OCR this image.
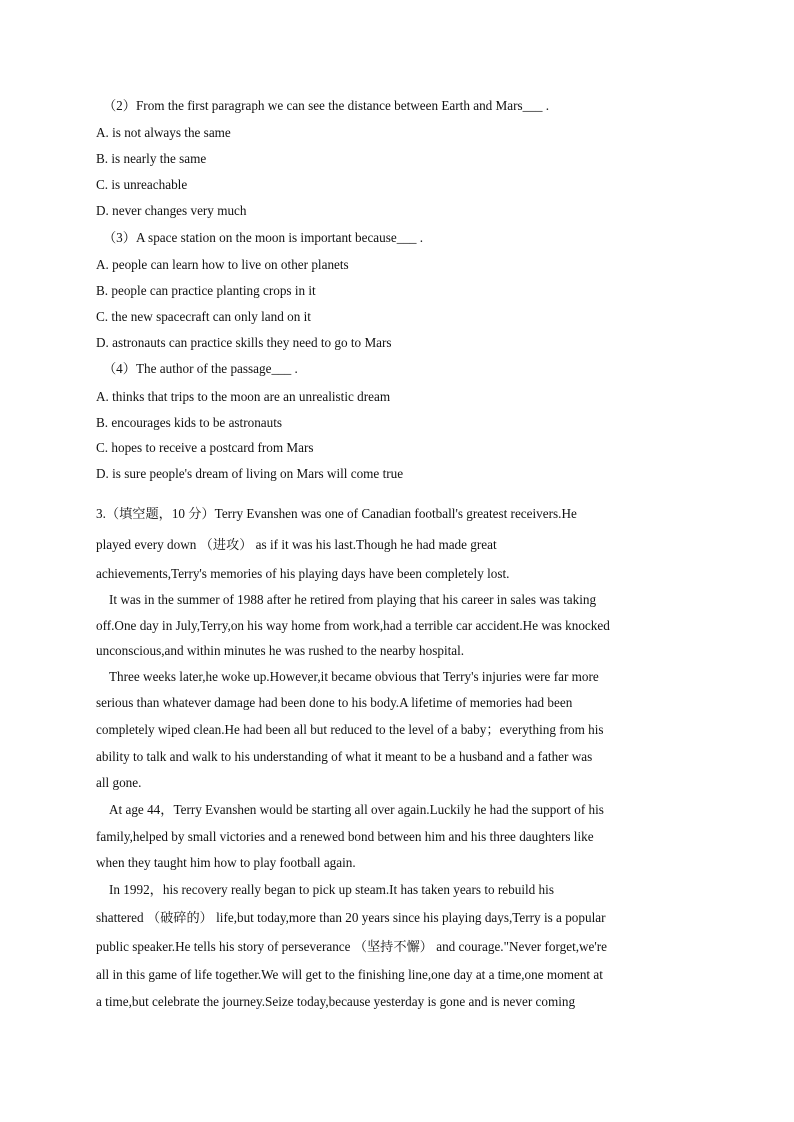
（2）From the first paragraph we can see the distance between Earth and Mars___ .
A. is not always the same
B. is nearly the same
C. is unreachable
D. never changes very much
（3）A space station on the moon is important because___ .
A. people can learn how to live on other planets
B. people can practice planting crops in it
C. the new spacecraft can only land on it
D. astronauts can practice skills they need to go to Mars
（4）The author of the passage___ .
A. thinks that trips to the moon are an unrealistic dream
B. encourages kids to be astronauts
C. hopes to receive a postcard from Mars
D. is sure people's dream of living on Mars will come true
3.（填空题，10 分）Terry Evanshen was one of Canadian football's greatest receivers.He
played every down （进攻） as if it was his last.Though he had made great
achievements,Terry's memories of his playing days have been completely lost.
It was in the summer of 1988 after he retired from playing that his career in sales was taking
off.One day in July,Terry,on his way home from work,had a terrible car accident.He was knocked
unconscious,and within minutes he was rushed to the nearby hospital.
Three weeks later,he woke up.However,it became obvious that Terry's injuries were far more
serious than whatever damage had been done to his body.A lifetime of memories had been
completely wiped clean.He had been all but reduced to the level of a baby；everything from his
ability to talk and walk to his understanding of what it meant to be a husband and a father was
all gone.
At age 44，Terry Evanshen would be starting all over again.Luckily he had the support of his
family,helped by small victories and a renewed bond between him and his three daughters like
when they taught him how to play football again.
In 1992，his recovery really began to pick up steam.It has taken years to rebuild his
shattered （破碎的） life,but today,more than 20 years since his playing days,Terry is a popular
public speaker.He tells his story of perseverance （坚持不懈） and courage."Never forget,we're
all in this game of life together.We will get to the finishing line,one day at a time,one moment at
a time,but celebrate the journey.Seize today,because yesterday is gone and is never coming
